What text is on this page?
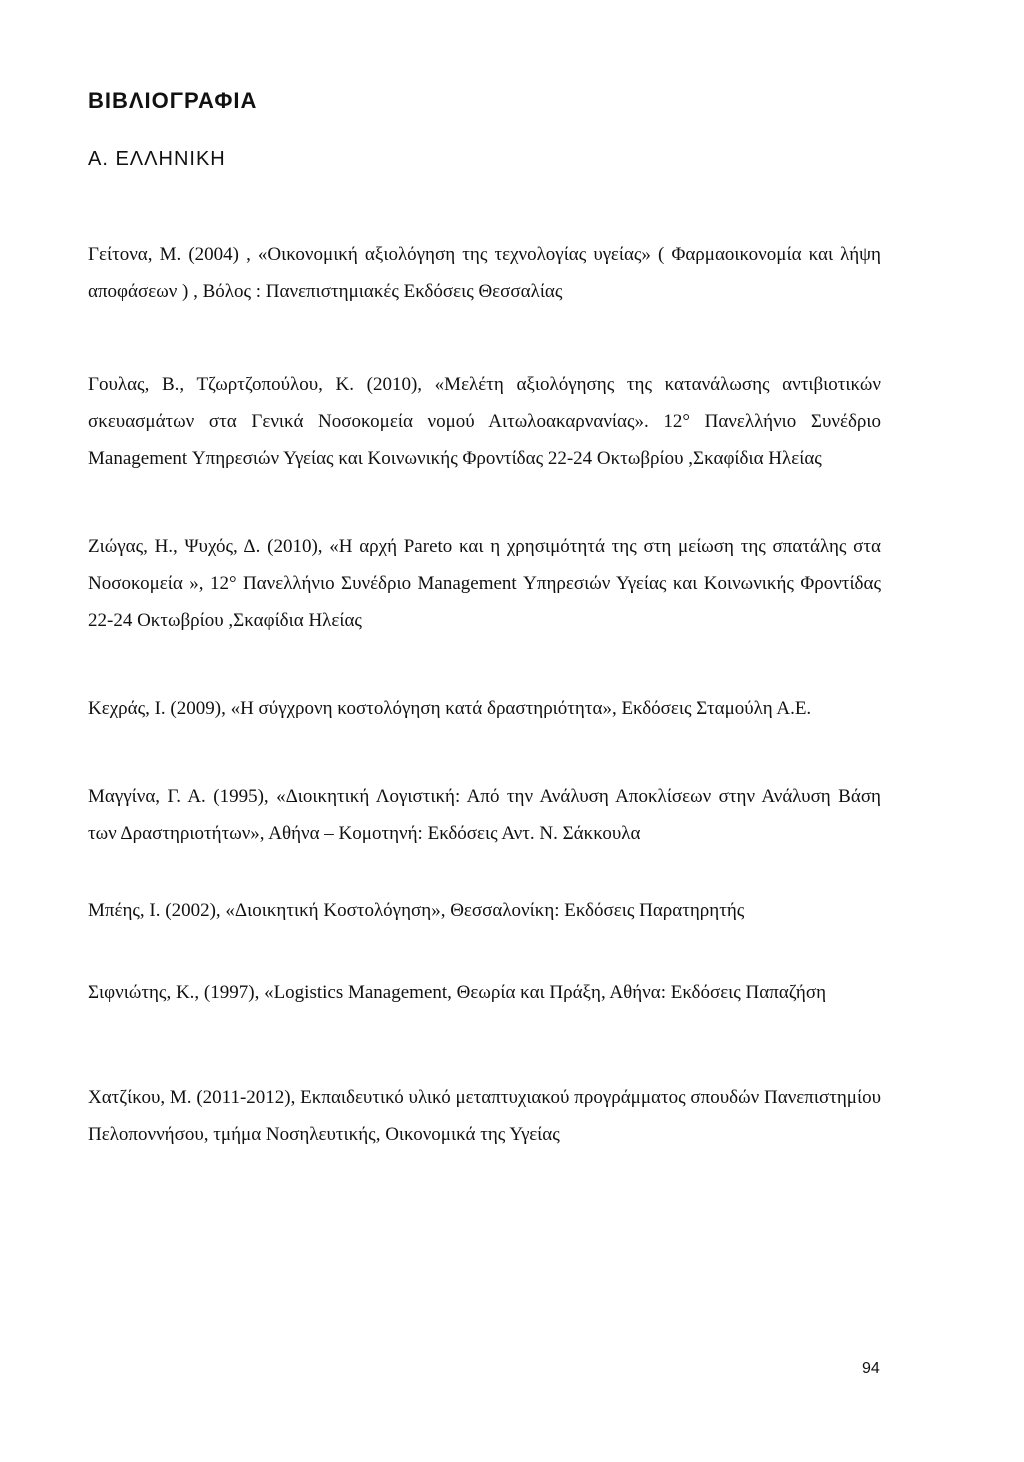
ΒΙΒΛΙΟΓΡΑΦΙΑ
Α. ΕΛΛΗΝΙΚΗ

Γείτονα, Μ. (2004) , «Οικονομική αξιολόγηση της τεχνολογίας υγείας» ( Φαρμαοικονομία και λήψη αποφάσεων ) , Βόλος : Πανεπιστημιακές Εκδόσεις Θεσσαλίας

Γουλας, Β., Τζωρτζοπούλου, Κ. (2010), «Μελέτη αξιολόγησης της κατανάλωσης αντιβιοτικών σκευασμάτων στα Γενικά Νοσοκομεία νομού Αιτωλοακαρνανίας». 12° Πανελλήνιο Συνέδριο Management Υπηρεσιών Υγείας και Κοινωνικής Φροντίδας 22-24 Οκτωβρίου ,Σκαφίδια Ηλείας

Ζιώγας, Η., Ψυχός, Δ. (2010), «Η αρχή Pareto και η χρησιμότητά της στη μείωση της σπατάλης στα Νοσοκομεία », 12° Πανελλήνιο Συνέδριο Management Υπηρεσιών Υγείας και Κοινωνικής Φροντίδας 22-24 Οκτωβρίου ,Σκαφίδια Ηλείας

Κεχράς, Ι. (2009), «Η σύγχρονη κοστολόγηση κατά δραστηριότητα», Εκδόσεις Σταμούλη Α.Ε.

Μαγγίνα, Γ. Α. (1995), «Διοικητική Λογιστική: Από την Ανάλυση Αποκλίσεων στην Ανάλυση Βάση των Δραστηριοτήτων», Αθήνα – Κομοτηνή: Εκδόσεις Αντ. Ν. Σάκκουλα

Μπέης, Ι. (2002), «Διοικητική Κοστολόγηση», Θεσσαλονίκη: Εκδόσεις Παρατηρητής

Σιφνιώτης, Κ., (1997), «Logistics Management, Θεωρία και Πράξη, Αθήνα: Εκδόσεις Παπαζήση

Χατζίκου, Μ. (2011-2012), Εκπαιδευτικό υλικό μεταπτυχιακού προγράμματος σπουδών Πανεπιστημίου Πελοποννήσου, τμήμα Νοσηλευτικής, Οικονομικά της Υγείας

94
